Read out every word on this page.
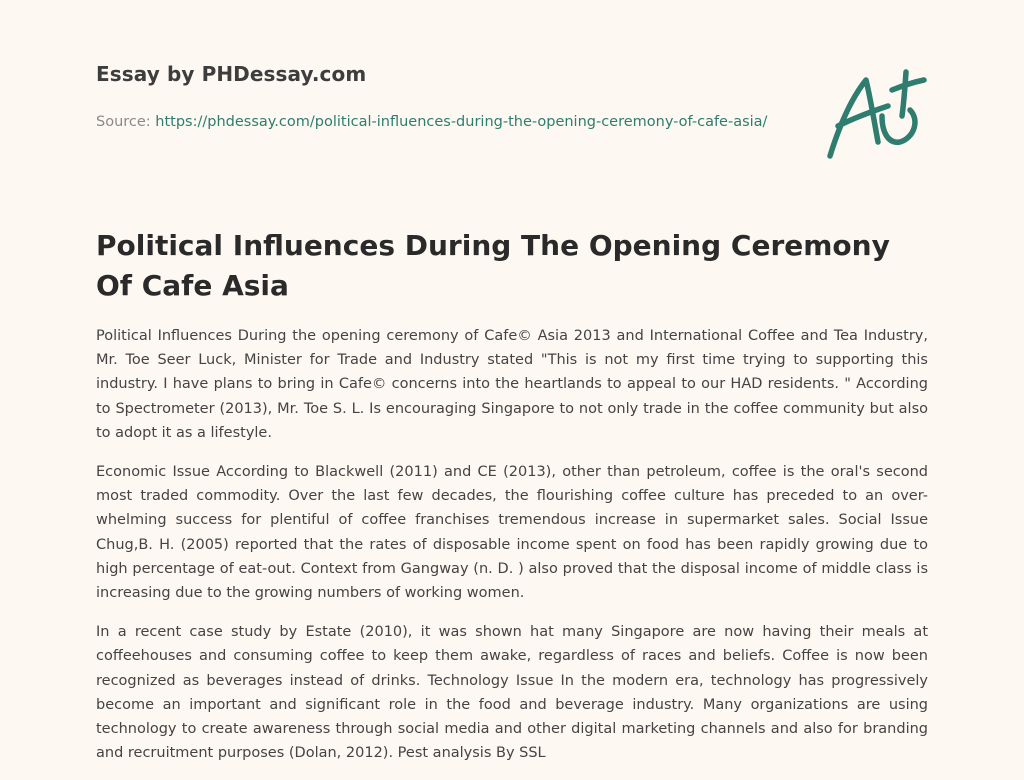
Essay by PHDessay.com
Source: https://phdessay.com/political-influences-during-the-opening-ceremony-of-cafe-asia/
Political Influences During The Opening Ceremony Of Cafe Asia

Political Influences During the opening ceremony of Cafe© Asia 2013 and International Coffee and Tea Industry, Mr. Toe Seer Luck, Minister for Trade and Industry stated "This is not my first time trying to supporting this industry. I have plans to bring in Cafe© concerns into the heartlands to appeal to our HAD residents. " According to Spectrometer (2013), Mr. Toe S. L. Is encouraging Singapore to not only trade in the coffee community but also to adopt it as a lifestyle.

Economic Issue According to Blackwell (2011) and CE (2013), other than petroleum, coffee is the oral's second most traded commodity. Over the last few decades, the flourishing coffee culture has preceded to an over-whelming success for plentiful of coffee franchises tremendous increase in supermarket sales. Social Issue Chug,B. H. (2005) reported that the rates of disposable income spent on food has been rapidly growing due to high percentage of eat-out. Context from Gangway (n. D. ) also proved that the disposal income of middle class is increasing due to the growing numbers of working women.

In a recent case study by Estate (2010), it was shown hat many Singapore are now having their meals at coffeehouses and consuming coffee to keep them awake, regardless of races and beliefs. Coffee is now been recognized as beverages instead of drinks. Technology Issue In the modern era, technology has progressively become an important and significant role in the food and beverage industry. Many organizations are using technology to create awareness through social media and other digital marketing channels and also for branding and recruitment purposes (Dolan, 2012). Pest analysis By SSL
